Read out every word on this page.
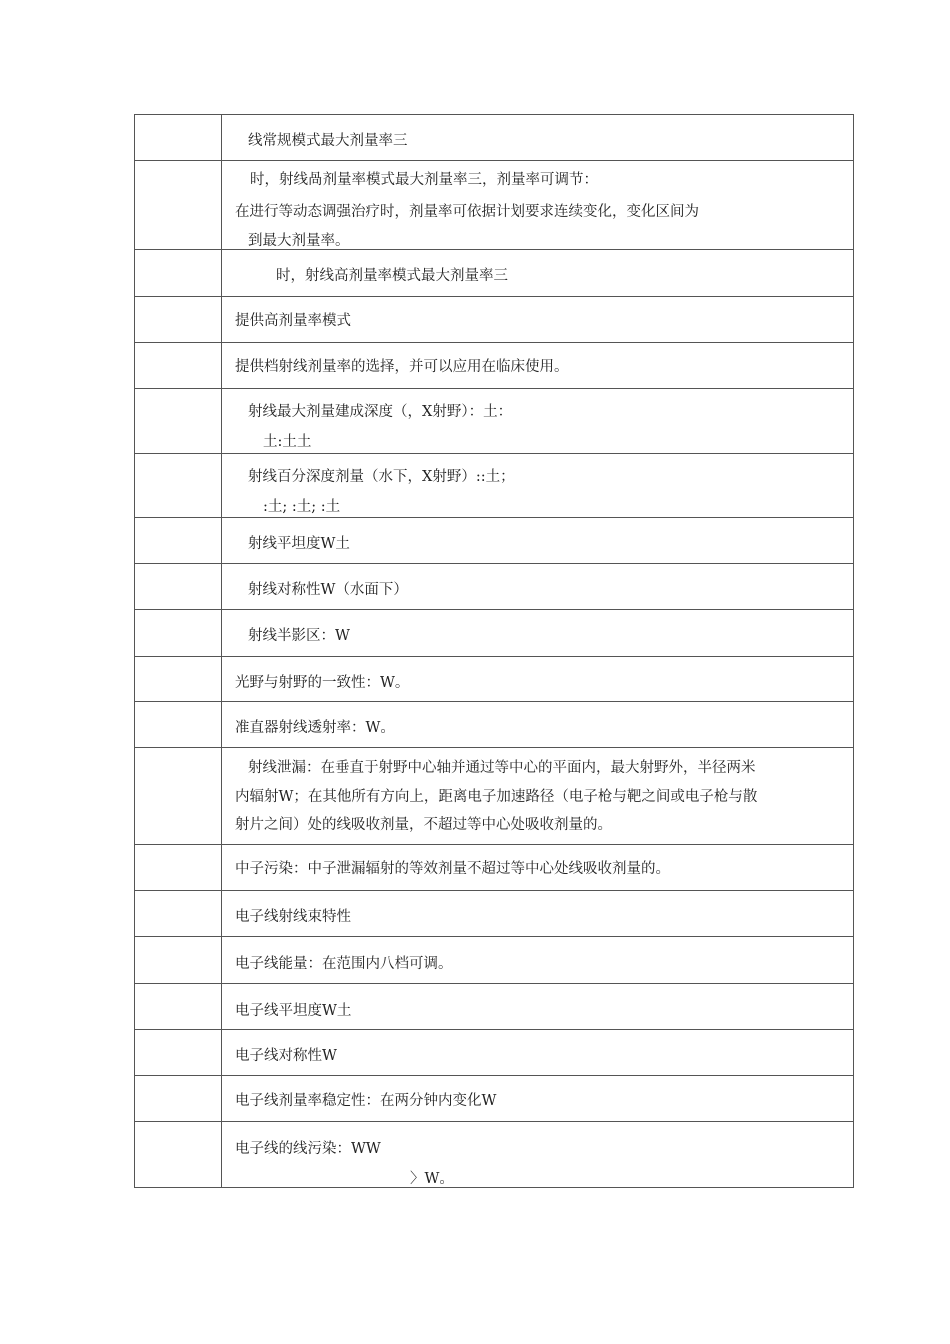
	线常规模式最大剂量率三

	时，射线咼剂量率模式最大剂量率三，剂量率可调节：
在进行等动态调强治疗时，剂量率可依据计划要求连续变化，变化区间为
到最大剂量率。

	时，射线高剂量率模式最大剂量率三

	提供高剂量率模式

	提供档射线剂量率的选择，并可以应用在临床使用。

	射线最大剂量建成深度（，X射野）：土：
土:土土

	射线百分深度剂量（水下，X射野）::土；
:土; :土; :土

	射线平坦度W土

	射线对称性W（水面下）

	射线半影区：W

	光野与射野的一致性：W。

	准直器射线透射率：W。

	射线泄漏：在垂直于射野中心轴并通过等中心的平面内，最大射野外，半径两米
内辐射W；在其他所有方向上，距离电子加速路径（电子枪与靶之间或电子枪与散
射片之间）处的线吸收剂量，不超过等中心处吸收剂量的。

	中子污染：中子泄漏辐射的等效剂量不超过等中心处线吸收剂量的。

	电子线射线束特性

	电子线能量：在范围内八档可调。

	电子线平坦度W土

	电子线对称性W

	电子线剂量率稳定性：在两分钟内变化W

	电子线的线污染：WW
〉W。
